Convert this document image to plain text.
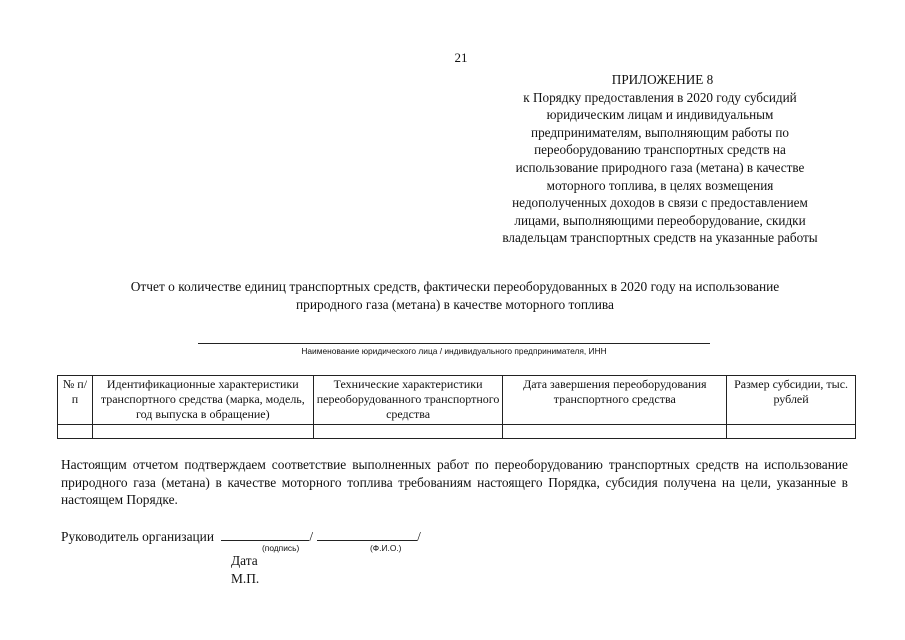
21
ПРИЛОЖЕНИЕ 8
к Порядку предоставления в 2020 году субсидий
юридическим лицам и индивидуальным
предпринимателям, выполняющим работы по
переоборудованию транспортных средств на
использование природного газа (метана) в качестве
моторного топлива, в целях возмещения
недополученных доходов в связи с предоставлением
лицами, выполняющими переоборудование, скидки
владельцам транспортных средств на указанные работы
Отчет о количестве единиц транспортных средств, фактически переоборудованных в 2020 году на использование
природного газа (метана) в качестве моторного топлива
Наименование юридического лица / индивидуального предпринимателя, ИНН
№ п/п	Идентификационные характеристики транспортного средства (марка, модель, год выпуска в обращение)	Технические характеристики переоборудованного транспортного средства	Дата завершения переоборудования транспортного средства	Размер субсидии, тыс. рублей

Настоящим отчетом подтверждаем соответствие выполненных работ по переоборудованию транспортных средств на использование природного газа (метана) в качестве моторного топлива требованиям настоящего Порядка, субсидия получена на цели, указанные в настоящем Порядке.
Руководитель организации	/	/
(подпись)	(Ф.И.О.)
Дата
М.П.
